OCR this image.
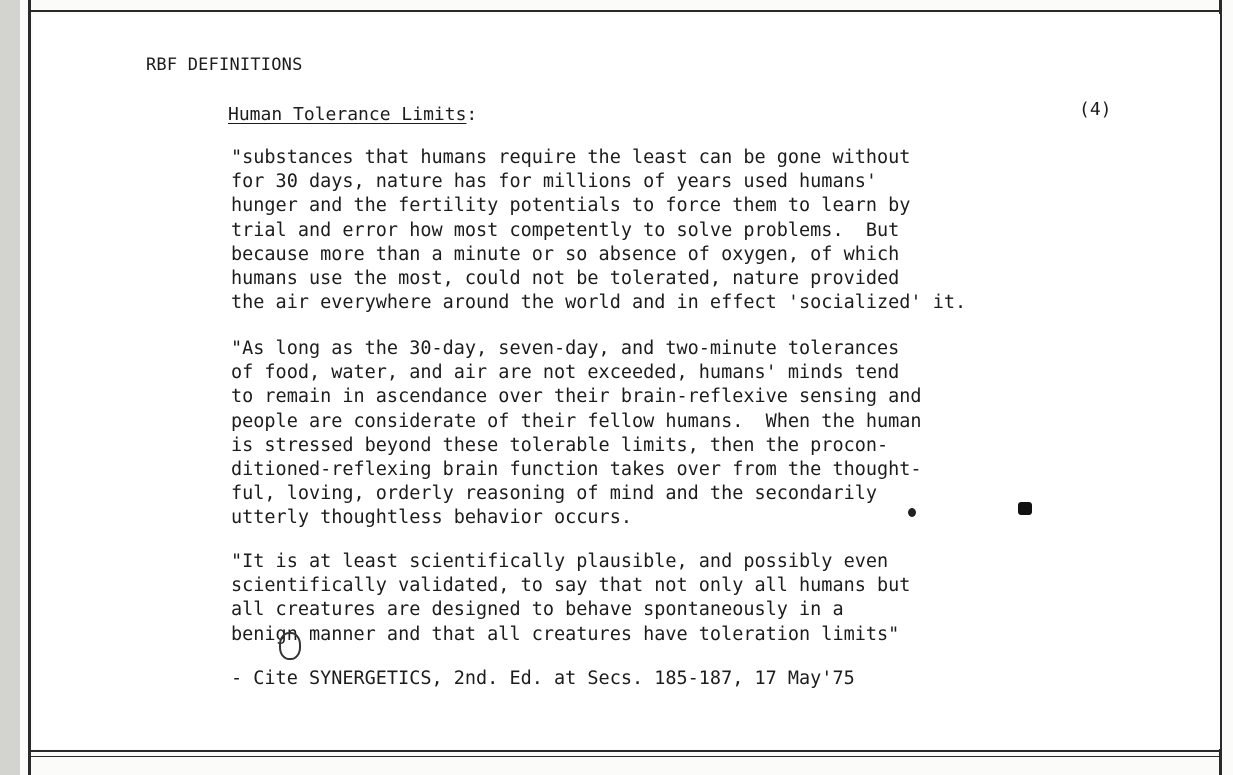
RBF DEFINITIONS
Human Tolerance Limits:	(4)

"substances that humans require the least can be gone without
for 30 days, nature has for millions of years used humans'
hunger and the fertility potentials to force them to learn by
trial and error how most competently to solve problems.  But
because more than a minute or so absence of oxygen, of which
humans use the most, could not be tolerated, nature provided
the air everywhere around the world and in effect 'socialized' it.

"As long as the 30-day, seven-day, and two-minute tolerances
of food, water, and air are not exceeded, humans' minds tend
to remain in ascendance over their brain-reflexive sensing and
people are considerate of their fellow humans.  When the human
is stressed beyond these tolerable limits, then the procon-
ditioned-reflexing brain function takes over from the thought-
ful, loving, orderly reasoning of mind and the secondarily
utterly thoughtless behavior occurs.

"It is at least scientifically plausible, and possibly even
scientifically validated, to say that not only all humans but
all creatures are designed to behave spontaneously in a
benign manner and that all creatures have toleration limits"

- Cite SYNERGETICS, 2nd. Ed. at Secs. 185-187, 17 May'75
